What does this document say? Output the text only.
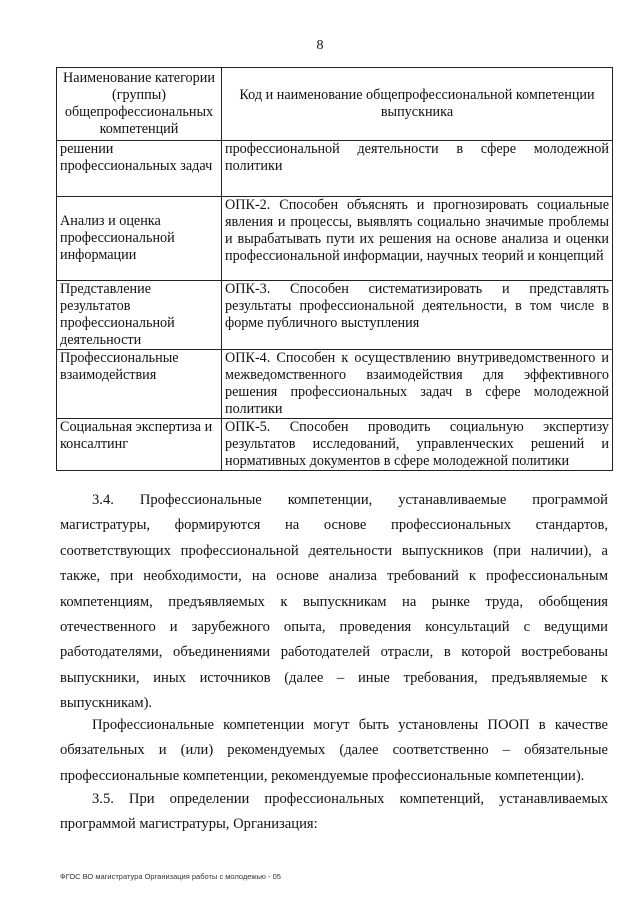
8
Наименование категории (группы) общепрофессиональных компетенций	Код и наименование общепрофессиональной компетенции выпускника
решении профессиональных задач	профессиональной деятельности в сфере молодежной политики
Анализ и оценка профессиональной информации	ОПК-2. Способен объяснять и прогнозировать социальные явления и процессы, выявлять социально значимые проблемы и вырабатывать пути их решения на основе анализа и оценки профессиональной информации, научных теорий и концепций
Представление результатов профессиональной деятельности	ОПК-3. Способен систематизировать и представлять результаты профессиональной деятельности, в том числе в форме публичного выступления
Профессиональные взаимодействия	ОПК-4. Способен к осуществлению внутриведомственного и межведомственного взаимодействия для эффективного решения профессиональных задач в сфере молодежной политики
Социальная экспертиза и консалтинг	ОПК-5. Способен проводить социальную экспертизу результатов исследований, управленческих решений и нормативных документов в сфере молодежной политики

3.4. Профессиональные компетенции, устанавливаемые программой магистратуры, формируются на основе профессиональных стандартов, соответствующих профессиональной деятельности выпускников (при наличии), а также, при необходимости, на основе анализа требований к профессиональным компетенциям, предъявляемых к выпускникам на рынке труда, обобщения отечественного и зарубежного опыта, проведения консультаций с ведущими работодателями, объединениями работодателей отрасли, в которой востребованы выпускники, иных источников (далее – иные требования, предъявляемые к выпускникам).

Профессиональные компетенции могут быть установлены ПООП в качестве обязательных и (или) рекомендуемых (далее соответственно – обязательные профессиональные компетенции, рекомендуемые профессиональные компетенции).

3.5. При определении профессиональных компетенций, устанавливаемых программой магистратуры, Организация:

ФГОС ВО магистратура Организация работы с молодежью - 05
